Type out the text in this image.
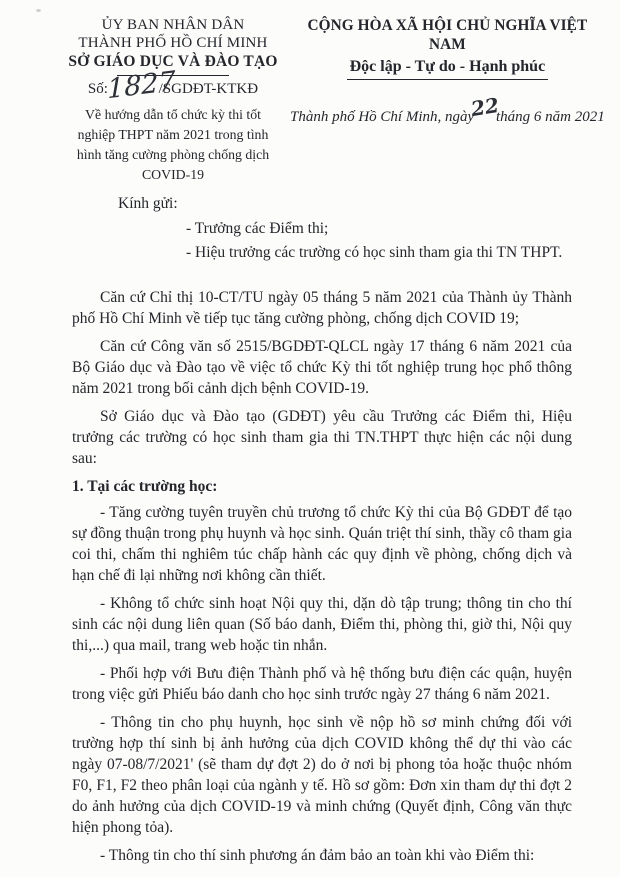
ỦY BAN NHÂN DÂN
THÀNH PHỐ HỒ CHÍ MINH
SỞ GIÁO DỤC VÀ ĐÀO TẠO
Số:1827/SGDĐT-KTKĐ
Về hướng dẫn tổ chức kỳ thi tốt nghiệp THPT năm 2021 trong tình hình tăng cường phòng chống dịch COVID-19
CỘNG HÒA XÃ HỘI CHỦ NGHĨA VIỆT NAM
Độc lập - Tự do - Hạnh phúc
Thành phố Hồ Chí Minh, ngày22tháng 6 năm 2021
Kính gửi:
- Trưởng các Điểm thi;
- Hiệu trưởng các trường có học sinh tham gia thi TN THPT.

Căn cứ Chỉ thị 10-CT/TU ngày 05 tháng 5 năm 2021 của Thành ủy Thành phố Hồ Chí Minh về tiếp tục tăng cường phòng, chống dịch COVID 19;

Căn cứ Công văn số 2515/BGDĐT-QLCL ngày 17 tháng 6 năm 2021 của Bộ Giáo dục và Đào tạo về việc tổ chức Kỳ thi tốt nghiệp trung học phổ thông năm 2021 trong bối cảnh dịch bệnh COVID-19.

Sở Giáo dục và Đào tạo (GDĐT) yêu cầu Trưởng các Điểm thi, Hiệu trưởng các trường có học sinh tham gia thi TN.THPT thực hiện các nội dung sau:

1. Tại các trường học:

- Tăng cường tuyên truyền chủ trương tổ chức Kỳ thi của Bộ GDĐT để tạo sự đồng thuận trong phụ huynh và học sinh. Quán triệt thí sinh, thầy cô tham gia coi thi, chấm thi nghiêm túc chấp hành các quy định về phòng, chống dịch và hạn chế đi lại những nơi không cần thiết.

- Không tổ chức sinh hoạt Nội quy thi, dặn dò tập trung; thông tin cho thí sinh các nội dung liên quan (Số báo danh, Điểm thi, phòng thi, giờ thi, Nội quy thi,...) qua mail, trang web hoặc tin nhắn.

- Phối hợp với Bưu điện Thành phố và hệ thống bưu điện các quận, huyện trong việc gửi Phiếu báo danh cho học sinh trước ngày 27 tháng 6 năm 2021.

- Thông tin cho phụ huynh, học sinh về nộp hồ sơ minh chứng đối với trường hợp thí sinh bị ảnh hưởng của dịch COVID không thể dự thi vào các ngày 07-08/7/2021' (sẽ tham dự đợt 2) do ở nơi bị phong tỏa hoặc thuộc nhóm F0, F1, F2 theo phân loại của ngành y tế. Hồ sơ gồm: Đơn xin tham dự thi đợt 2 do ảnh hưởng của dịch COVID-19 và minh chứng (Quyết định, Công văn thực hiện phong tỏa).

- Thông tin cho thí sinh phương án đảm bảo an toàn khi vào Điểm thi:
